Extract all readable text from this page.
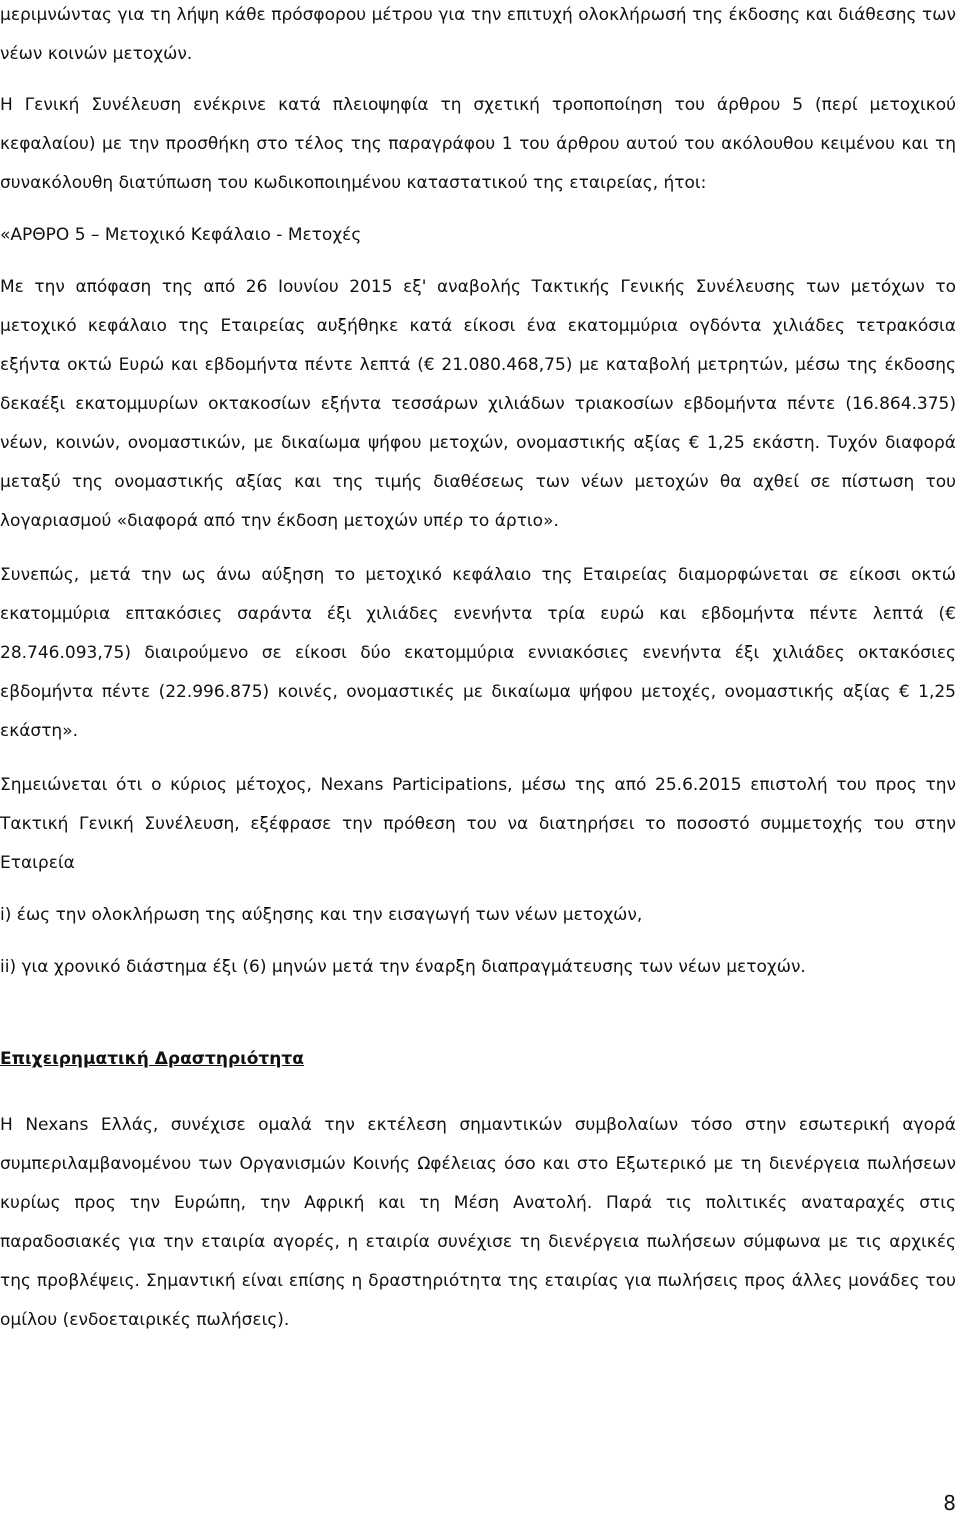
μεριμνώντας για τη λήψη κάθε πρόσφορου μέτρου για την επιτυχή ολοκλήρωσή της έκδοσης και διάθεσης των νέων κοινών μετοχών.

Η Γενική Συνέλευση ενέκρινε κατά πλειοψηφία τη σχετική τροποποίηση του άρθρου 5 (περί μετοχικού κεφαλαίου) με την προσθήκη στο τέλος της παραγράφου 1 του άρθρου αυτού του ακόλουθου κειμένου και τη συνακόλουθη διατύπωση του κωδικοποιημένου καταστατικού της εταιρείας, ήτοι:

«ΑΡΘΡΟ 5 – Μετοχικό Κεφάλαιο - Μετοχές

Με την απόφαση της από 26 Ιουνίου 2015 εξ' αναβολής Τακτικής Γενικής Συνέλευσης των μετόχων το μετοχικό κεφάλαιο της Εταιρείας αυξήθηκε κατά είκοσι ένα εκατομμύρια ογδόντα χιλιάδες τετρακόσια εξήντα οκτώ Ευρώ και εβδομήντα πέντε λεπτά (€ 21.080.468,75) με καταβολή μετρητών, μέσω της έκδοσης δεκαέξι εκατομμυρίων οκτακοσίων εξήντα τεσσάρων χιλιάδων τριακοσίων εβδομήντα πέντε (16.864.375) νέων, κοινών, ονομαστικών, με δικαίωμα ψήφου μετοχών, ονομαστικής αξίας € 1,25 εκάστη. Τυχόν διαφορά μεταξύ της ονομαστικής αξίας και της τιμής διαθέσεως των νέων μετοχών θα αχθεί σε πίστωση του λογαριασμού «διαφορά από την έκδοση μετοχών υπέρ το άρτιο».

Συνεπώς, μετά την ως άνω αύξηση το μετοχικό κεφάλαιο της Εταιρείας διαμορφώνεται σε είκοσι οκτώ εκατομμύρια επτακόσιες σαράντα έξι χιλιάδες ενενήντα τρία ευρώ και εβδομήντα πέντε λεπτά (€ 28.746.093,75) διαιρούμενο σε είκοσι δύο εκατομμύρια εννιακόσιες ενενήντα έξι χιλιάδες οκτακόσιες εβδομήντα πέντε (22.996.875) κοινές, ονομαστικές με δικαίωμα ψήφου μετοχές, ονομαστικής αξίας € 1,25 εκάστη».

Σημειώνεται ότι ο κύριος μέτοχος, Nexans Participations, μέσω της από 25.6.2015 επιστολή του προς την Τακτική Γενική Συνέλευση, εξέφρασε την πρόθεση του να διατηρήσει το ποσοστό συμμετοχής του στην Εταιρεία

i) έως την ολοκλήρωση της αύξησης και την εισαγωγή των νέων μετοχών,

ii) για χρονικό διάστημα έξι (6) μηνών μετά την έναρξη διαπραγμάτευσης των νέων μετοχών.

Επιχειρηματική Δραστηριότητα

Η Nexans Ελλάς, συνέχισε ομαλά την εκτέλεση σημαντικών συμβολαίων τόσο στην εσωτερική αγορά συμπεριλαμβανομένου των Οργανισμών Κοινής Ωφέλειας όσο και στο Εξωτερικό με τη διενέργεια πωλήσεων κυρίως προς την Ευρώπη, την Αφρική και τη Μέση Ανατολή. Παρά τις πολιτικές αναταραχές στις παραδοσιακές για την εταιρία αγορές, η εταιρία συνέχισε τη διενέργεια πωλήσεων σύμφωνα με τις αρχικές της προβλέψεις. Σημαντική είναι επίσης η δραστηριότητα της εταιρίας για πωλήσεις προς άλλες μονάδες του ομίλου (ενδοεταιρικές πωλήσεις).

8
